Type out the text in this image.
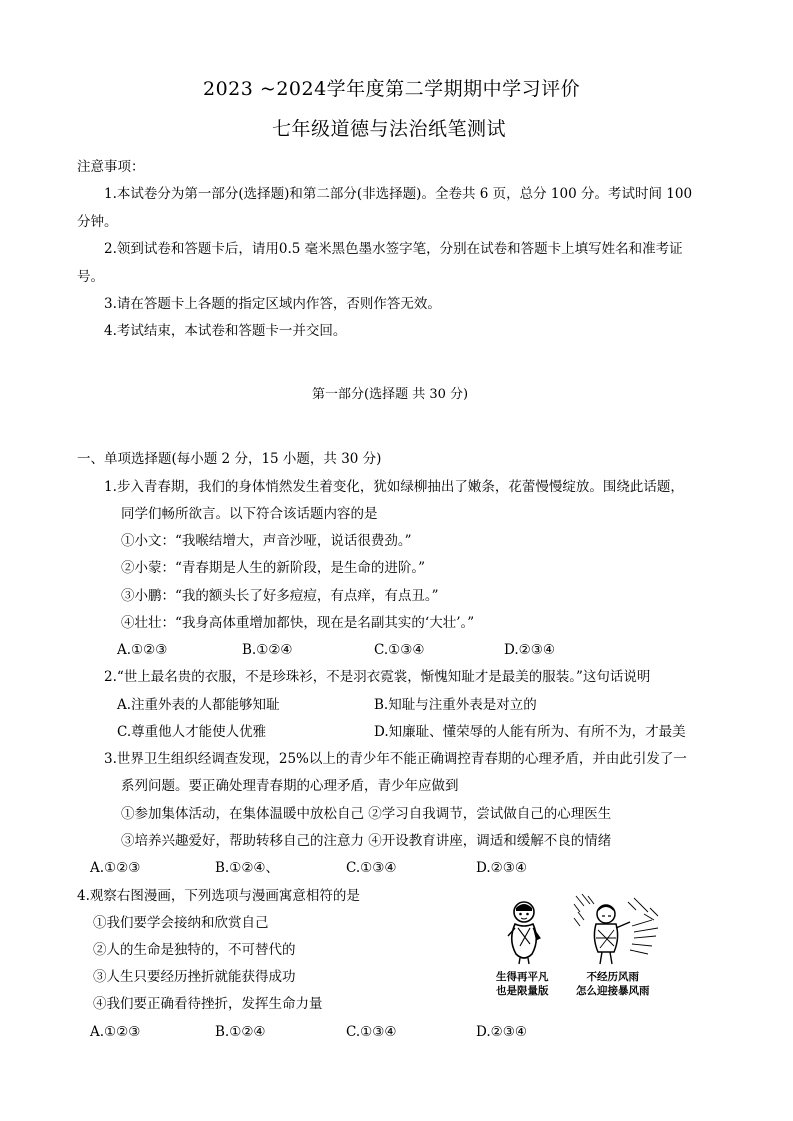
2023 ~2024学年度第二学期期中学习评价
七年级道德与法治纸笔测试
注意事项：
1.本试卷分为第一部分(选择题)和第二部分(非选择题)。全卷共 6 页，总分 100 分。考试时间 100
分钟。
2.领到试卷和答题卡后，请用0.5 毫米黑色墨水签字笔，分别在试卷和答题卡上填写姓名和准考证
号。
3.请在答题卡上各题的指定区域内作答，否则作答无效。
4.考试结束，本试卷和答题卡一并交回。
第一部分(选择题 共 30 分)
一、单项选择题(每小题 2 分，15 小题，共 30 分)
1.步入青春期，我们的身体悄然发生着变化，犹如绿柳抽出了嫩条，花蕾慢慢绽放。围绕此话题，
同学们畅所欲言。以下符合该话题内容的是
①小文：“我喉结增大，声音沙哑，说话很费劲。”
②小蒙：“青春期是人生的新阶段，是生命的进阶。”
③小鹏：“我的额头长了好多痘痘，有点痒，有点丑。”
④壮壮：“我身高体重增加都快，现在是名副其实的‘大壮’。”
A.①②③	B.①②④	C.①③④	D.②③④
2.“世上最名贵的衣服，不是珍珠衫，不是羽衣霓裳，惭愧知耻才是最美的服装。”这句话说明
A.注重外表的人都能够知耻	B.知耻与注重外表是对立的
C.尊重他人才能使人优雅	D.知廉耻、懂荣辱的人能有所为、有所不为，才最美
3.世界卫生组织经调查发现，25%以上的青少年不能正确调控青春期的心理矛盾，并由此引发了一
系列问题。要正确处理青春期的心理矛盾，青少年应做到
①参加集体活动，在集体温暖中放松自己 ②学习自我调节，尝试做自己的心理医生
③培养兴趣爱好，帮助转移自己的注意力 ④开设教育讲座，调适和缓解不良的情绪
A.①②③	B.①②④、	C.①③④	D.②③④
4.观察右图漫画，下列选项与漫画寓意相符的是
①我们要学会接纳和欣赏自己
②人的生命是独特的，不可替代的
③人生只要经历挫折就能获得成功
④我们要正确看待挫折，发挥生命力量
A.①②③	B.①②④	C.①③④	D.②③④
生得再平凡
也是限量版
不经历风雨
怎么迎接暴风雨
